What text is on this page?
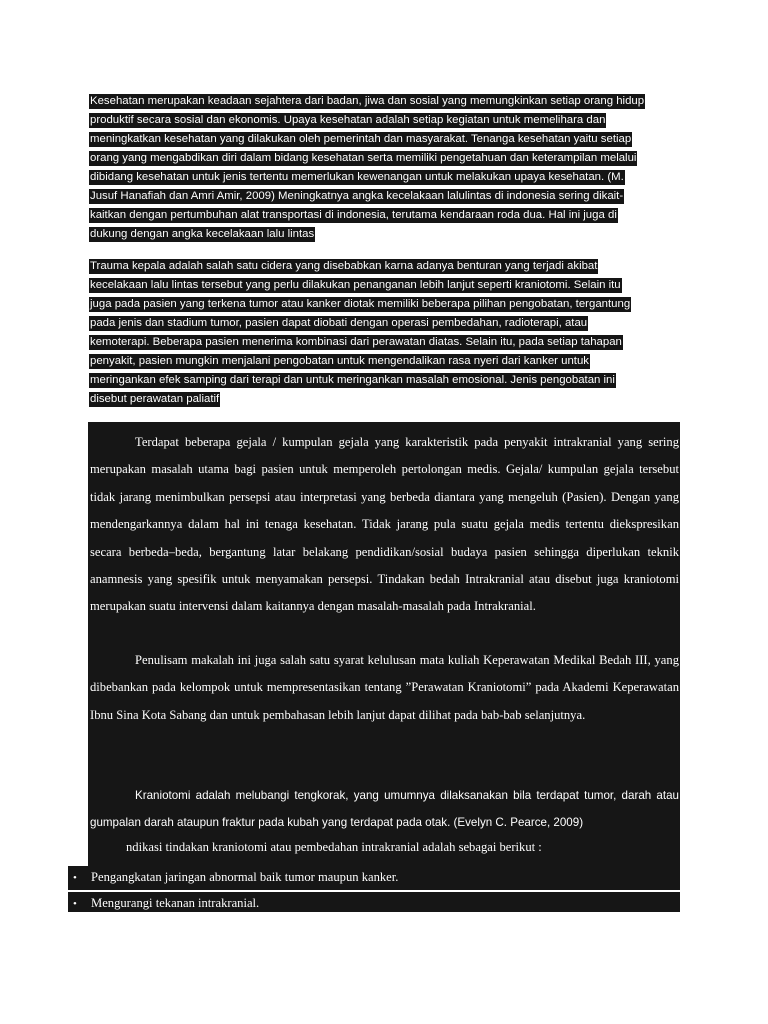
Kesehatan merupakan keadaan sejahtera dari badan, jiwa dan sosial yang memungkinkan setiap orang hidup
produktif secara sosial dan ekonomis. Upaya kesehatan adalah setiap kegiatan untuk memelihara dan
meningkatkan kesehatan yang dilakukan oleh pemerintah dan masyarakat. Tenanga kesehatan yaitu setiap
orang yang mengabdikan diri dalam bidang kesehatan serta memiliki pengetahuan dan keterampilan melalui
dibidang kesehatan untuk jenis tertentu memerlukan kewenangan untuk melakukan upaya kesehatan. (M.
Jusuf Hanafiah dan Amri Amir, 2009) Meningkatnya angka kecelakaan lalulintas di indonesia sering dikait-
kaitkan dengan pertumbuhan alat transportasi di indonesia, terutama kendaraan roda dua. Hal ini juga di
dukung dengan angka kecelakaan lalu lintas
Trauma kepala adalah salah satu cidera yang disebabkan karna adanya benturan yang terjadi akibat
kecelakaan lalu lintas tersebut yang perlu dilakukan penanganan lebih lanjut seperti kraniotomi. Selain itu
juga pada pasien yang terkena tumor atau kanker diotak memiliki beberapa pilihan pengobatan, tergantung
pada jenis dan stadium tumor, pasien dapat diobati dengan operasi pembedahan, radioterapi, atau
kemoterapi. Beberapa pasien menerima kombinasi dari perawatan diatas. Selain itu, pada setiap tahapan
penyakit, pasien mungkin menjalani pengobatan untuk mengendalikan rasa nyeri dari kanker untuk
meringankan efek samping dari terapi dan untuk meringankan masalah emosional. Jenis pengobatan ini
disebut perawatan paliatif
Terdapat beberapa gejala / kumpulan gejala yang karakteristik pada penyakit intrakranial yang sering merupakan masalah utama bagi pasien untuk memperoleh pertolongan medis. Gejala/ kumpulan gejala tersebut tidak jarang menimbulkan persepsi atau interpretasi yang berbeda diantara yang mengeluh (Pasien). Dengan yang mendengarkannya dalam hal ini tenaga kesehatan. Tidak jarang pula suatu gejala medis tertentu diekspresikan secara berbeda–beda, bergantung latar belakang pendidikan/sosial budaya pasien sehingga diperlukan teknik anamnesis yang spesifik untuk menyamakan persepsi. Tindakan bedah Intrakranial atau disebut juga kraniotomi merupakan suatu intervensi dalam kaitannya dengan masalah-masalah pada Intrakranial.
Penulisam makalah ini juga salah satu syarat kelulusan mata kuliah Keperawatan Medikal Bedah III, yang dibebankan pada kelompok untuk mempresentasikan tentang ”Perawatan Kraniotomi” pada Akademi Keperawatan Ibnu Sina Kota Sabang dan untuk pembahasan lebih lanjut dapat dilihat pada bab-bab selanjutnya.
Kraniotomi adalah melubangi tengkorak, yang umumnya dilaksanakan bila terdapat tumor, darah atau gumpalan darah ataupun fraktur pada kubah yang terdapat pada otak. (Evelyn C. Pearce, 2009)
ndikasi tindakan kraniotomi atau pembedahan intrakranial adalah sebagai berikut :
• Pengangkatan jaringan abnormal baik tumor maupun kanker.
• Mengurangi tekanan intrakranial.
